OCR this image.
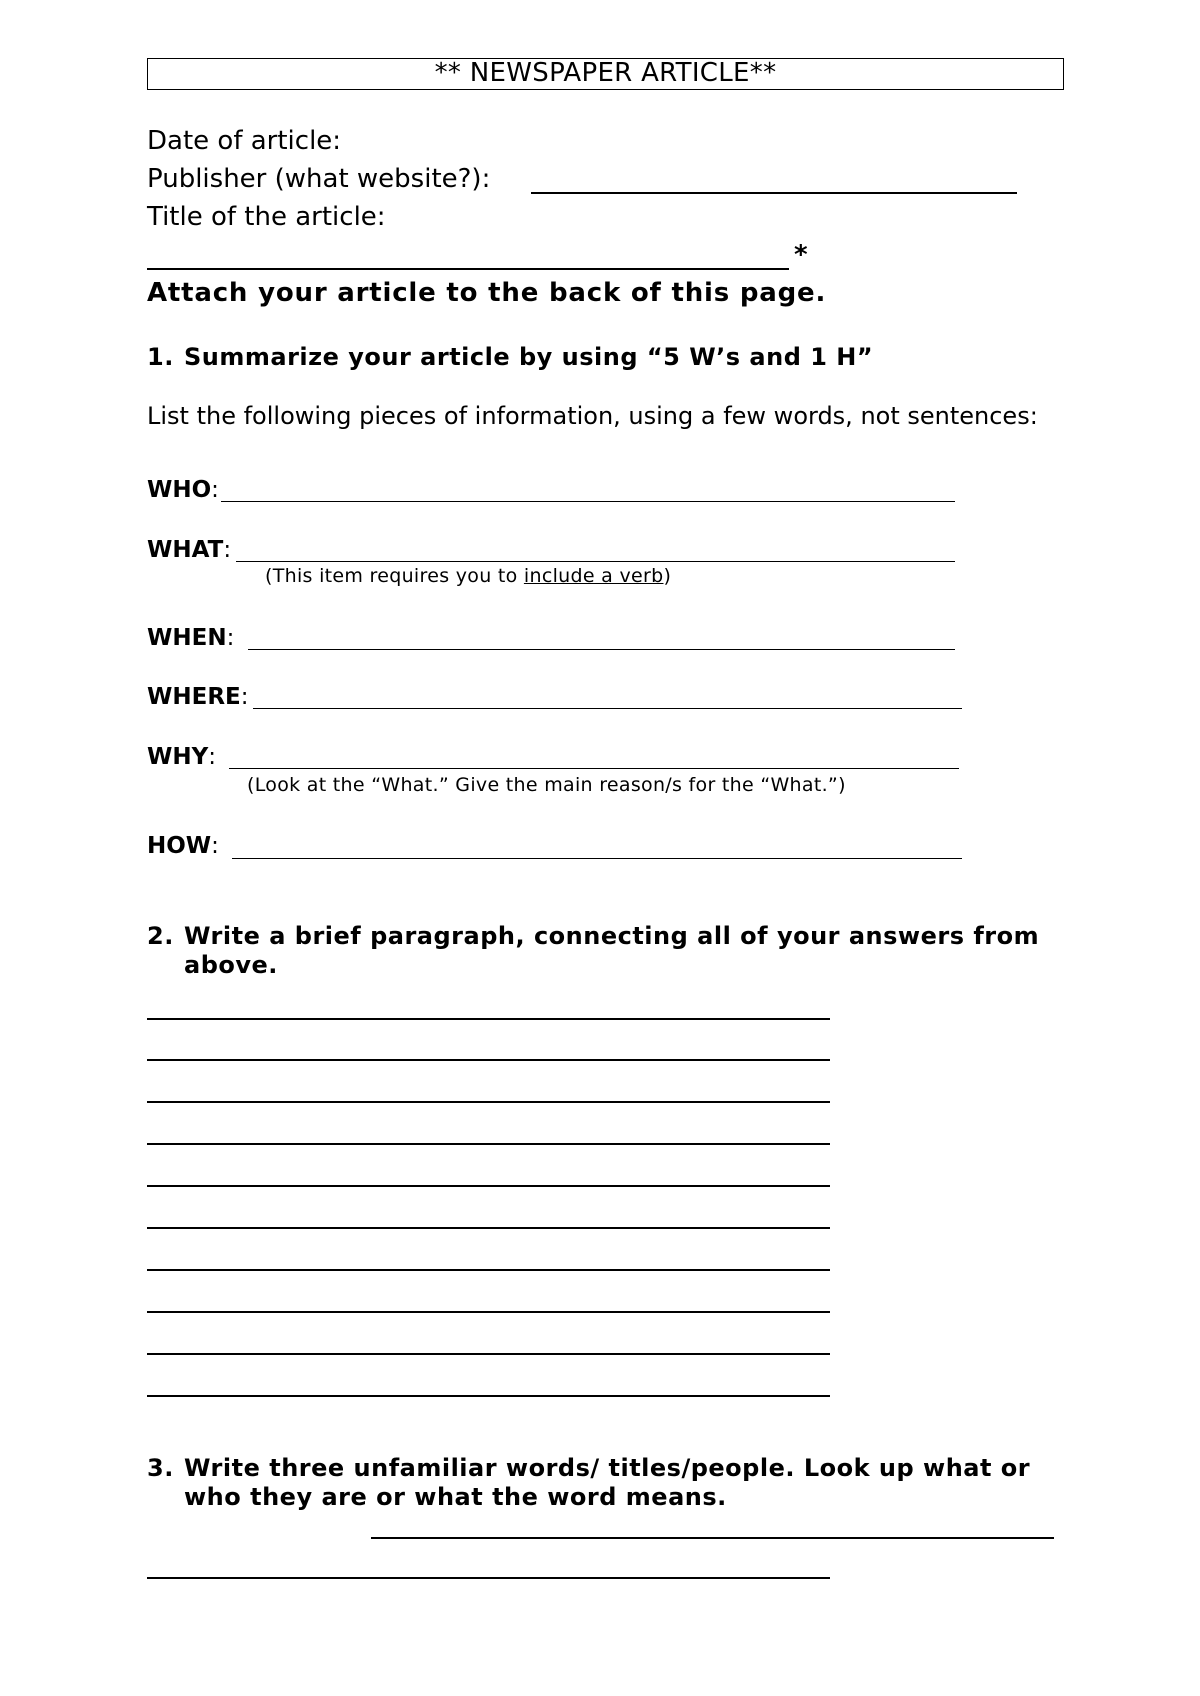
** NEWSPAPER ARTICLE**
Date of article:
Publisher (what website?):
Title of the article:
*
Attach your article to the back of this page.
1. Summarize your article by using “5 W’s and 1 H”
List the following pieces of information, using a few words, not sentences:
WHO:
WHAT:
(This item requires you to include a verb)
WHEN:
WHERE:
WHY:
(Look at the “What.” Give the main reason/s for the “What.”)
HOW:
2. Write a brief paragraph, connecting all of your answers from
above.
3. Write three unfamiliar words/ titles/people. Look up what or
who they are or what the word means.
